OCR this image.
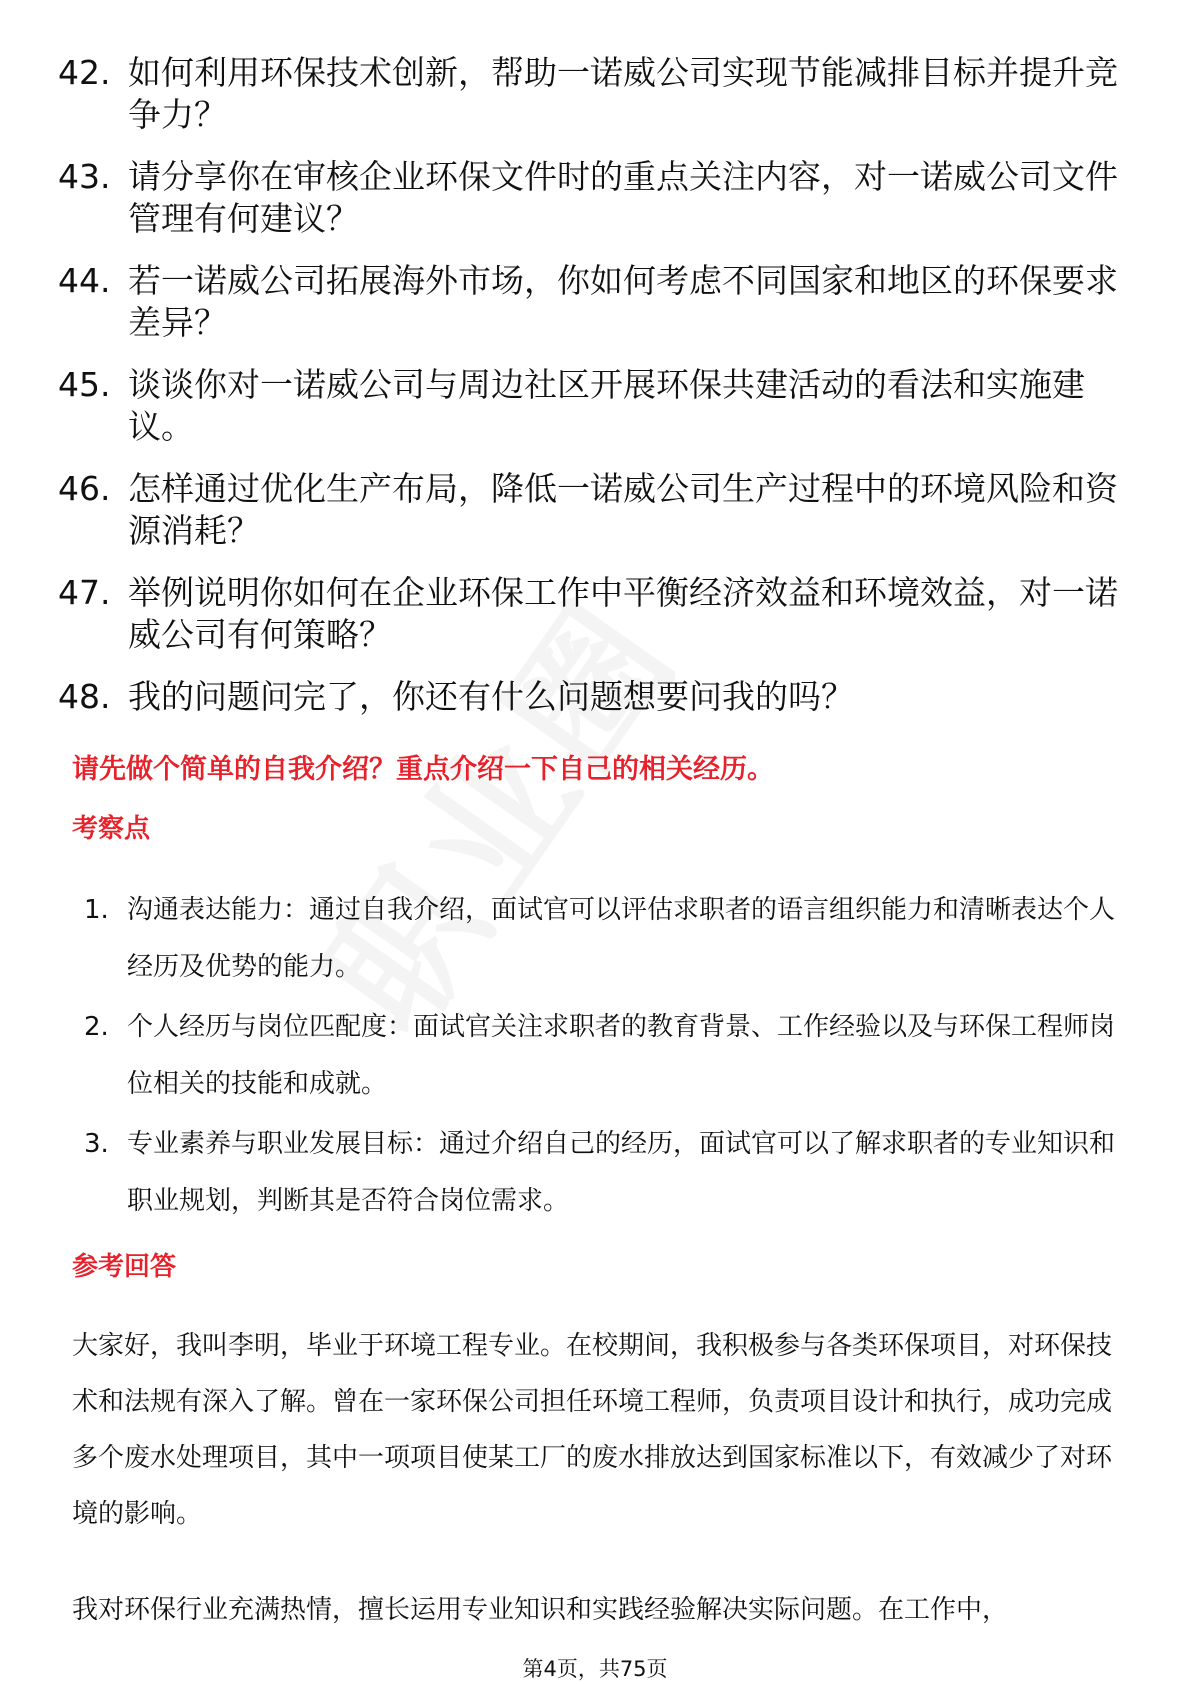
42. 如何利用环保技术创新，帮助一诺威公司实现节能减排目标并提升竞争力？
43. 请分享你在审核企业环保文件时的重点关注内容，对一诺威公司文件管理有何建议？
44. 若一诺威公司拓展海外市场，你如何考虑不同国家和地区的环保要求差异？
45. 谈谈你对一诺威公司与周边社区开展环保共建活动的看法和实施建议。
46. 怎样通过优化生产布局，降低一诺威公司生产过程中的环境风险和资源消耗？
47. 举例说明你如何在企业环保工作中平衡经济效益和环境效益，对一诺威公司有何策略？
48. 我的问题问完了，你还有什么问题想要问我的吗？

请先做个简单的自我介绍？重点介绍一下自己的相关经历。

考察点

1. 沟通表达能力：通过自我介绍，面试官可以评估求职者的语言组织能力和清晰表达个人经历及优势的能力。
2. 个人经历与岗位匹配度：面试官关注求职者的教育背景、工作经验以及与环保工程师岗位相关的技能和成就。
3. 专业素养与职业发展目标：通过介绍自己的经历，面试官可以了解求职者的专业知识和职业规划，判断其是否符合岗位需求。

参考回答

大家好，我叫李明，毕业于环境工程专业。在校期间，我积极参与各类环保项目，对环保技术和法规有深入了解。曾在一家环保公司担任环境工程师，负责项目设计和执行，成功完成多个废水处理项目，其中一项项目使某工厂的废水排放达到国家标准以下，有效减少了对环境的影响。

我对环保行业充满热情，擅长运用专业知识和实践经验解决实际问题。在工作中，

第4页，共75页
